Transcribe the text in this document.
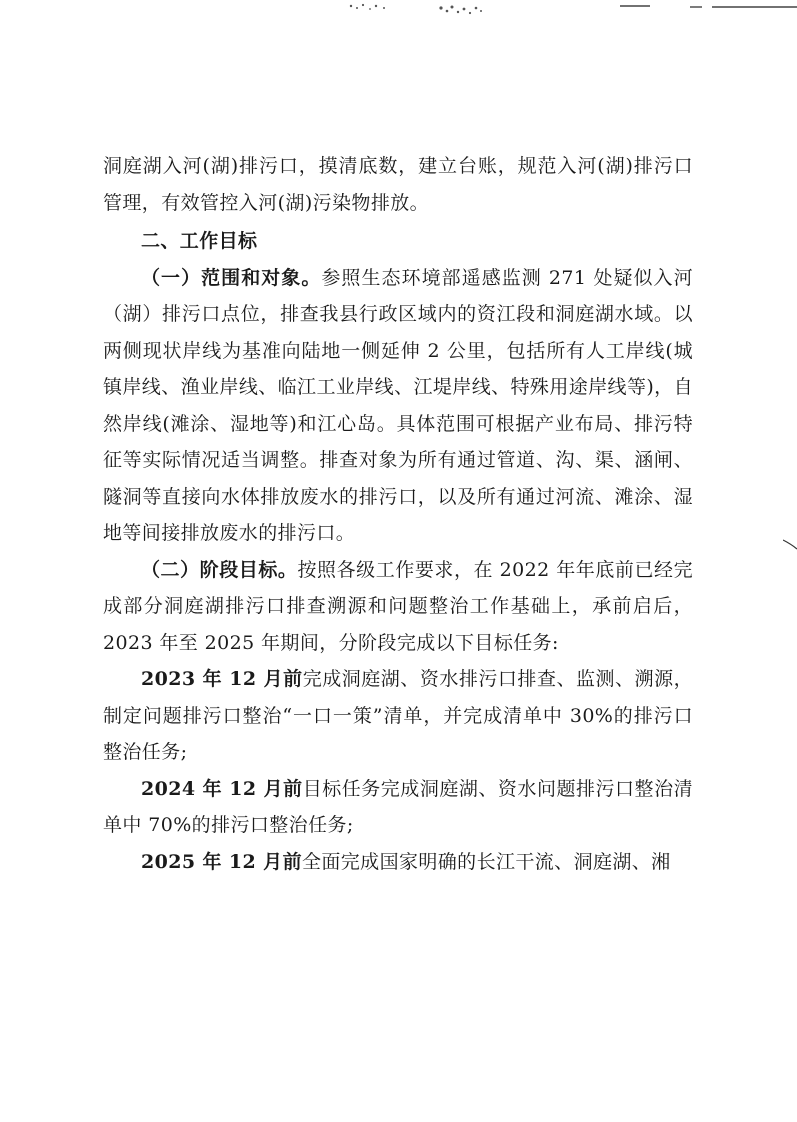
洞庭湖入河(湖)排污口，摸清底数，建立台账，规范入河(湖)排污口管理，有效管控入河(湖)污染物排放。

二、工作目标

（一）范围和对象。参照生态环境部遥感监测 271 处疑似入河（湖）排污口点位，排查我县行政区域内的资江段和洞庭湖水域。以两侧现状岸线为基准向陆地一侧延伸 2 公里，包括所有人工岸线(城镇岸线、渔业岸线、临江工业岸线、江堤岸线、特殊用途岸线等)，自然岸线(滩涂、湿地等)和江心岛。具体范围可根据产业布局、排污特征等实际情况适当调整。排查对象为所有通过管道、沟、渠、涵闸、隧洞等直接向水体排放废水的排污口，以及所有通过河流、滩涂、湿地等间接排放废水的排污口。

（二）阶段目标。按照各级工作要求，在 2022 年年底前已经完成部分洞庭湖排污口排查溯源和问题整治工作基础上，承前启后，2023 年至 2025 年期间，分阶段完成以下目标任务:

2023 年 12 月前完成洞庭湖、资水排污口排查、监测、溯源，制定问题排污口整治“一口一策”清单，并完成清单中 30%的排污口整治任务;

2024 年 12 月前目标任务完成洞庭湖、资水问题排污口整治清单中 70%的排污口整治任务;

2025 年 12 月前全面完成国家明确的长江干流、洞庭湖、湘
